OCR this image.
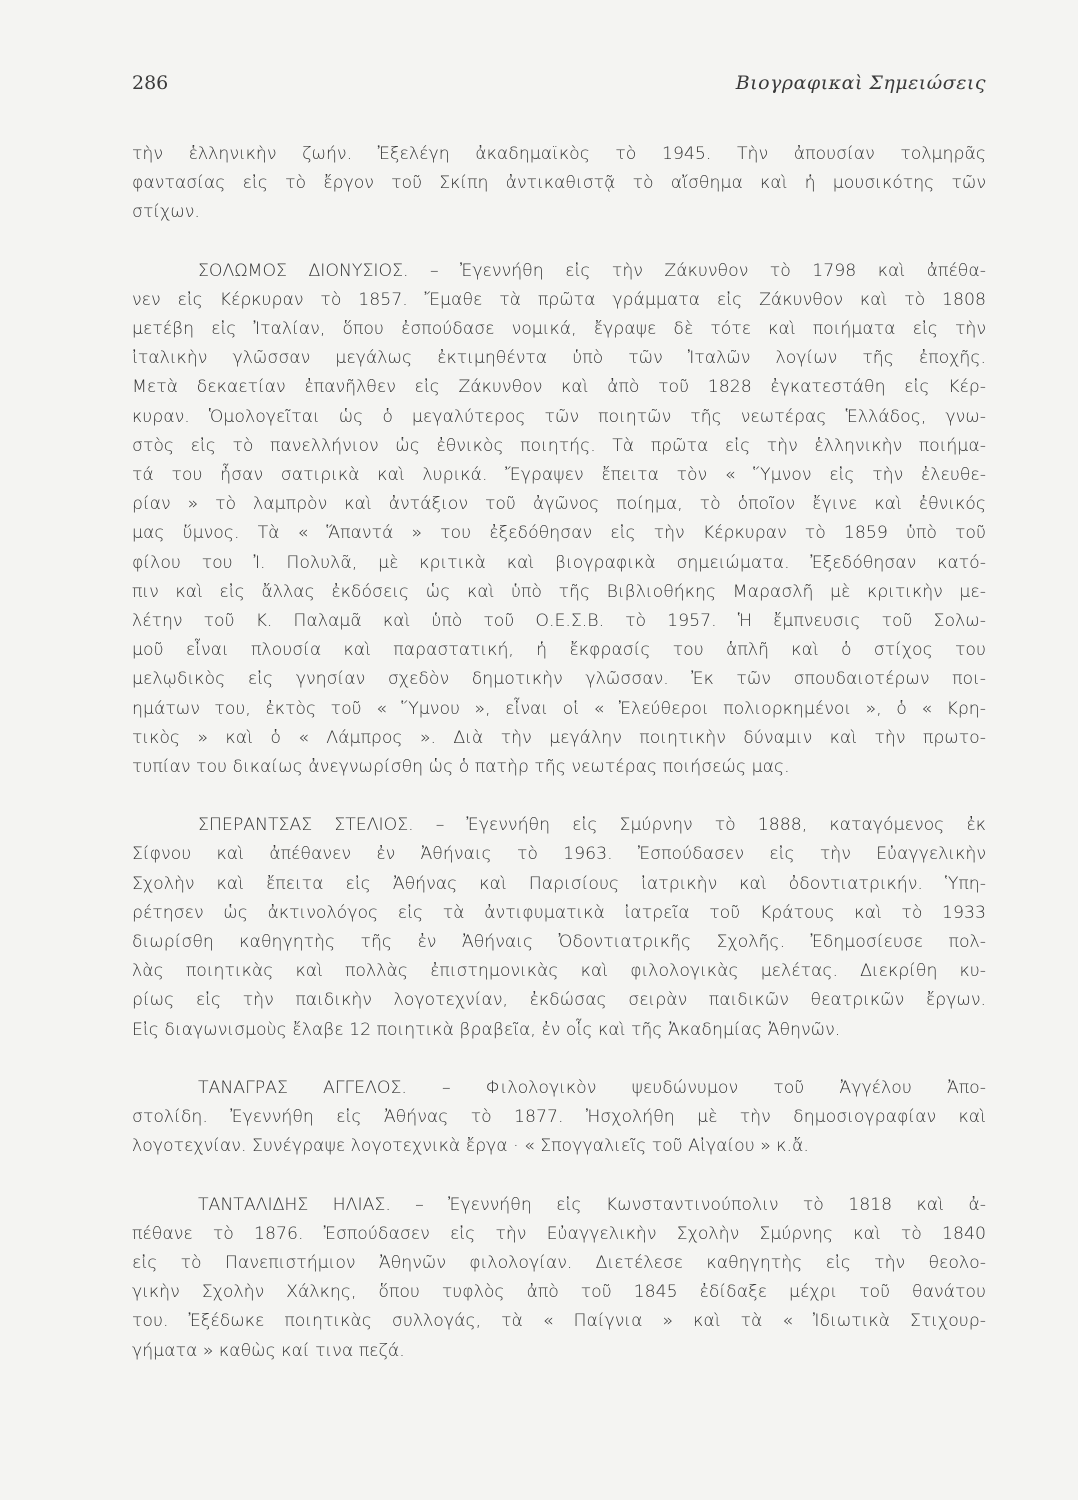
286	Βιογραφικαὶ Σημειώσεις

τὴν ἑλληνικὴν ζωήν. Ἐξελέγη ἀκαδημαϊκὸς τὸ 1945. Τὴν ἀπουσίαν τολμηρᾶς
φαντασίας εἰς τὸ ἔργον τοῦ Σκίπη ἀντικαθιστᾷ τὸ αἴσθημα καὶ ἡ μουσικότης τῶν
στίχων.

ΣΟΛΩΜΟΣ ΔΙΟΝΥΣΙΟΣ. – Ἐγεννήθη εἰς τὴν Ζάκυνθον τὸ 1798 καὶ ἀπέθα-
νεν εἰς Κέρκυραν τὸ 1857. Ἔμαθε τὰ πρῶτα γράμματα εἰς Ζάκυνθον καὶ τὸ 1808
μετέβη εἰς Ἰταλίαν, ὅπου ἐσπούδασε νομικά, ἔγραψε δὲ τότε καὶ ποιήματα εἰς τὴν
ἰταλικὴν γλῶσσαν μεγάλως ἐκτιμηθέντα ὑπὸ τῶν Ἰταλῶν λογίων τῆς ἐποχῆς.
Μετὰ δεκαετίαν ἐπανῆλθεν εἰς Ζάκυνθον καὶ ἀπὸ τοῦ 1828 ἐγκατεστάθη εἰς Κέρ-
κυραν. Ὁμολογεῖται ὡς ὁ μεγαλύτερος τῶν ποιητῶν τῆς νεωτέρας Ἑλλάδος, γνω-
στὸς εἰς τὸ πανελλήνιον ὡς ἐθνικὸς ποιητής. Τὰ πρῶτα εἰς τὴν ἑλληνικὴν ποιήμα-
τά του ἦσαν σατιρικὰ καὶ λυρικά. Ἔγραψεν ἔπειτα τὸν « Ὕμνον εἰς τὴν ἐλευθε-
ρίαν » τὸ λαμπρὸν καὶ ἀντάξιον τοῦ ἀγῶνος ποίημα, τὸ ὁποῖον ἔγινε καὶ ἐθνικός
μας ὕμνος. Τὰ « Ἅπαντά » του ἐξεδόθησαν εἰς τὴν Κέρκυραν τὸ 1859 ὑπὸ τοῦ
φίλου του Ἰ. Πολυλᾶ, μὲ κριτικὰ καὶ βιογραφικὰ σημειώματα. Ἐξεδόθησαν κατό-
πιν καὶ εἰς ἄλλας ἐκδόσεις ὡς καὶ ὑπὸ τῆς Βιβλιοθήκης Μαρασλῆ μὲ κριτικὴν με-
λέτην τοῦ Κ. Παλαμᾶ καὶ ὑπὸ τοῦ Ο.Ε.Σ.Β. τὸ 1957. Ἡ ἔμπνευσις τοῦ Σολω-
μοῦ εἶναι πλουσία καὶ παραστατική, ἡ ἔκφρασίς του ἁπλῆ καὶ ὁ στίχος του
μελῳδικὸς εἰς γνησίαν σχεδὸν δημοτικὴν γλῶσσαν. Ἐκ τῶν σπουδαιοτέρων ποι-
ημάτων του, ἐκτὸς τοῦ « Ὕμνου », εἶναι οἱ « Ἐλεύθεροι πολιορκημένοι », ὁ « Κρη-
τικὸς » καὶ ὁ « Λάμπρος ». Διὰ τὴν μεγάλην ποιητικὴν δύναμιν καὶ τὴν πρωτο-
τυπίαν του δικαίως ἀνεγνωρίσθη ὡς ὁ πατὴρ τῆς νεωτέρας ποιήσεώς μας.

ΣΠΕΡΑΝΤΣΑΣ ΣΤΕΛΙΟΣ. – Ἐγεννήθη εἰς Σμύρνην τὸ 1888, καταγόμενος ἐκ
Σίφνου καὶ ἀπέθανεν ἐν Ἀθήναις τὸ 1963. Ἐσπούδασεν εἰς τὴν Εὐαγγελικὴν
Σχολὴν καὶ ἔπειτα εἰς Ἀθήνας καὶ Παρισίους ἰατρικὴν καὶ ὀδοντιατρικήν. Ὑπη-
ρέτησεν ὡς ἀκτινολόγος εἰς τὰ ἀντιφυματικὰ ἰατρεῖα τοῦ Κράτους καὶ τὸ 1933
διωρίσθη καθηγητὴς τῆς ἐν Ἀθήναις Ὀδοντιατρικῆς Σχολῆς. Ἐδημοσίευσε πολ-
λὰς ποιητικὰς καὶ πολλὰς ἐπιστημονικὰς καὶ φιλολογικὰς μελέτας. Διεκρίθη κυ-
ρίως εἰς τὴν παιδικὴν λογοτεχνίαν, ἐκδώσας σειρὰν παιδικῶν θεατρικῶν ἔργων.
Εἰς διαγωνισμοὺς ἔλαβε 12 ποιητικὰ βραβεῖα, ἐν οἷς καὶ τῆς Ἀκαδημίας Ἀθηνῶν.

ΤΑΝΑΓΡΑΣ ΑΓΓΕΛΟΣ. – Φιλολογικὸν ψευδώνυμον τοῦ Ἀγγέλου Ἀπο-
στολίδη. Ἐγεννήθη εἰς Ἀθήνας τὸ 1877. Ἠσχολήθη μὲ τὴν δημοσιογραφίαν καὶ
λογοτεχνίαν. Συνέγραψε λογοτεχνικὰ ἔργα · « Σπογγαλιεῖς τοῦ Αἰγαίου » κ.ἄ.

ΤΑΝΤΑΛΙΔΗΣ ΗΛΙΑΣ. – Ἐγεννήθη εἰς Κωνσταντινούπολιν τὸ 1818 καὶ ἀ-
πέθανε τὸ 1876. Ἐσπούδασεν εἰς τὴν Εὐαγγελικὴν Σχολὴν Σμύρνης καὶ τὸ 1840
εἰς τὸ Πανεπιστήμιον Ἀθηνῶν φιλολογίαν. Διετέλεσε καθηγητὴς εἰς τὴν θεολο-
γικὴν Σχολὴν Χάλκης, ὅπου τυφλὸς ἀπὸ τοῦ 1845 ἐδίδαξε μέχρι τοῦ θανάτου
του. Ἐξέδωκε ποιητικὰς συλλογάς, τὰ « Παίγνια » καὶ τὰ « Ἰδιωτικὰ Στιχουρ-
γήματα » καθὼς καί τινα πεζά.
